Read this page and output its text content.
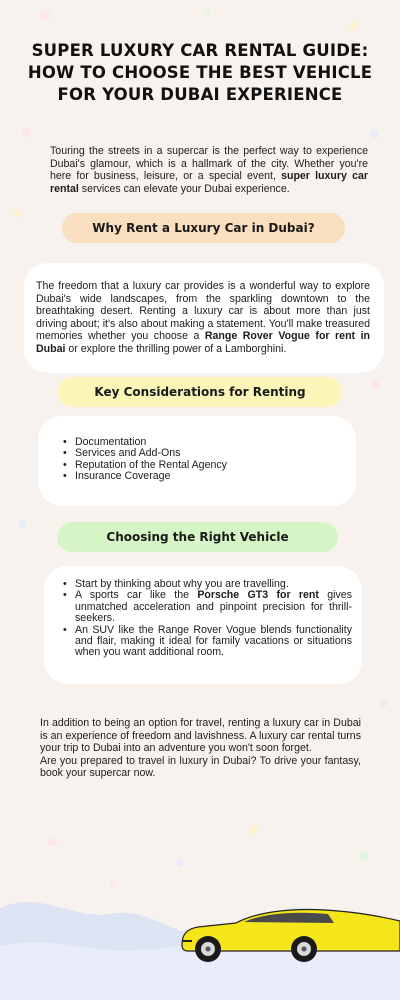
SUPER LUXURY CAR RENTAL GUIDE:
HOW TO CHOOSE THE BEST VEHICLE
FOR YOUR DUBAI EXPERIENCE
Touring the streets in a supercar is the perfect way to experience Dubai's glamour, which is a hallmark of the city. Whether you're here for business, leisure, or a special event, super luxury car rental services can elevate your Dubai experience.
Why Rent a Luxury Car in Dubai?
The freedom that a luxury car provides is a wonderful way to explore Dubai's wide landscapes, from the sparkling downtown to the breathtaking desert. Renting a luxury car is about more than just driving about; it's also about making a statement. You'll make treasured memories whether you choose a Range Rover Vogue for rent in Dubai or explore the thrilling power of a Lamborghini.
Key Considerations for Renting
• Documentation
• Services and Add-Ons
• Reputation of the Rental Agency
• Insurance Coverage
Choosing the Right Vehicle
• Start by thinking about why you are travelling.
• A sports car like the Porsche GT3 for rent gives unmatched acceleration and pinpoint precision for thrill-seekers.
• An SUV like the Range Rover Vogue blends functionality and flair, making it ideal for family vacations or situations when you want additional room.
In addition to being an option for travel, renting a luxury car in Dubai is an experience of freedom and lavishness. A luxury car rental turns your trip to Dubai into an adventure you won't soon forget.
Are you prepared to travel in luxury in Dubai? To drive your fantasy, book your supercar now.
